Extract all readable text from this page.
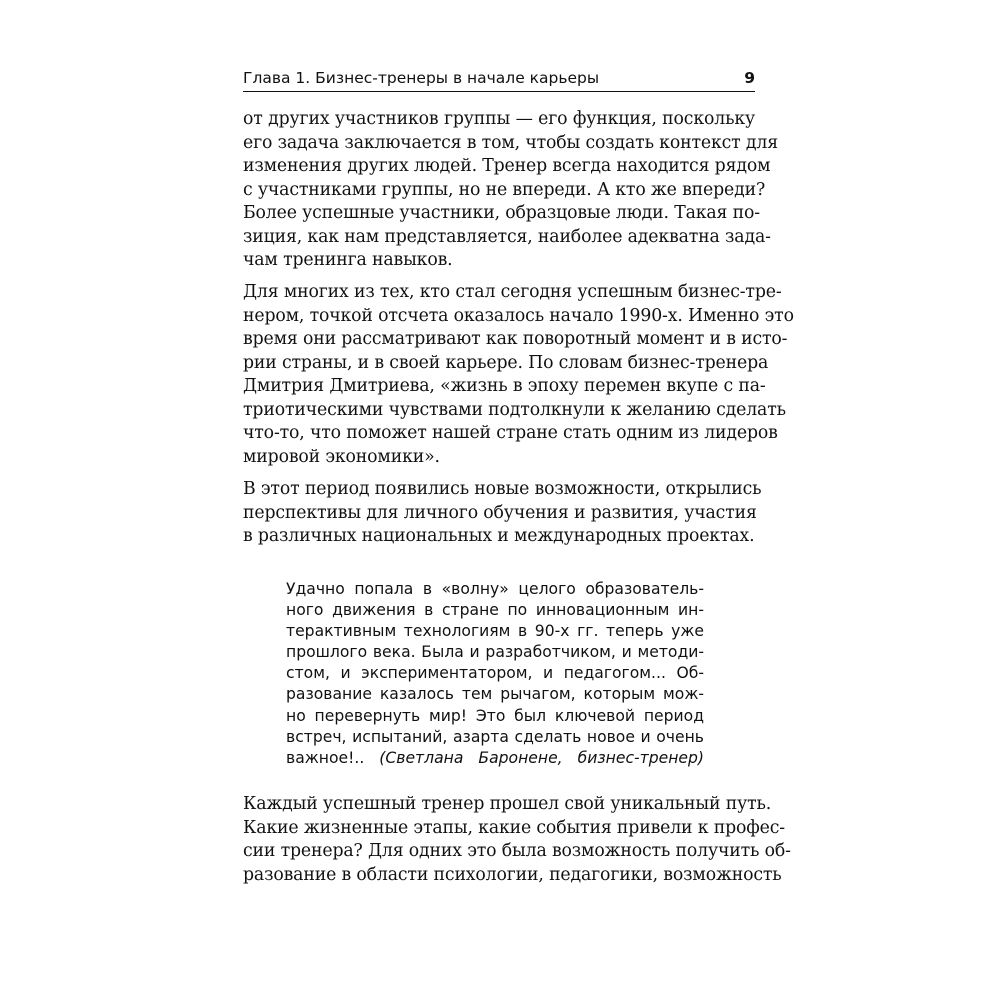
Глава 1. Бизнес-тренеры в начале карьеры	9
от других участников группы — его функция, поскольку
его задача заключается в том, чтобы создать контекст для
изменения других людей. Тренер всегда находится рядом
с участниками группы, но не впереди. А кто же впереди?
Более успешные участники, образцовые люди. Такая по-
зиция, как нам представляется, наиболее адекватна зада-
чам тренинга навыков.
Для многих из тех, кто стал сегодня успешным бизнес-тре-
нером, точкой отсчета оказалось начало 1990-х. Именно это
время они рассматривают как поворотный момент и в исто-
рии страны, и в своей карьере. По словам бизнес-тренера
Дмитрия Дмитриева, «жизнь в эпоху перемен вкупе с па-
триотическими чувствами подтолкнули к желанию сделать
что-то, что поможет нашей стране стать одним из лидеров
мировой экономики».
В этот период появились новые возможности, открылись
перспективы для личного обучения и развития, участия
в различных национальных и международных проектах.
Удачно попала в «волну» целого образователь-
ного движения в стране по инновационным ин-
терактивным технологиям в 90-х гг. теперь уже
прошлого века. Была и разработчиком, и методи-
стом, и экспериментатором, и педагогом... Об-
разование казалось тем рычагом, которым мож-
но перевернуть мир! Это был ключевой период
встреч, испытаний, азарта сделать новое и очень
важное!.. (Светлана Бароненe, бизнес-тренер)
Каждый успешный тренер прошел свой уникальный путь.
Какие жизненные этапы, какие события привели к профес-
сии тренера? Для одних это была возможность получить об-
разование в области психологии, педагогики, возможность
